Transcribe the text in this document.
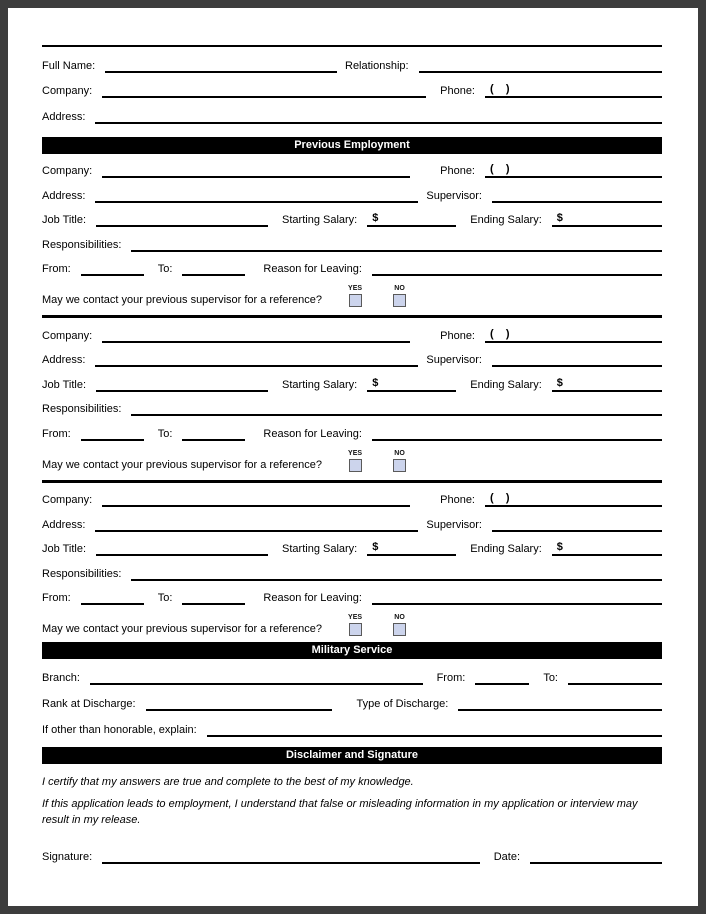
Full Name:	Relationship:
Company:	Phone:	(    )
Address:
Previous Employment
Company:	Phone:	(    )
Address:	Supervisor:
Job Title:	Starting Salary:	$	Ending Salary:	$
Responsibilities:
From:	To:	Reason for Leaving:
May we contact your previous supervisor for a reference?
YES	NO
Company:	Phone:	(    )
Address:	Supervisor:
Job Title:	Starting Salary:	$	Ending Salary:	$
Responsibilities:
From:	To:	Reason for Leaving:
May we contact your previous supervisor for a reference?
YES	NO
Company:	Phone:	(    )
Address:	Supervisor:
Job Title:	Starting Salary:	$	Ending Salary:	$
Responsibilities:
From:	To:	Reason for Leaving:
May we contact your previous supervisor for a reference?
YES	NO
Military Service
Branch:	From:	To:
Rank at Discharge:	Type of Discharge:
If other than honorable, explain:
Disclaimer and Signature

I certify that my answers are true and complete to the best of my knowledge.

If this application leads to employment, I understand that false or misleading information in my application or interview may result in my release.

Signature:	Date:
